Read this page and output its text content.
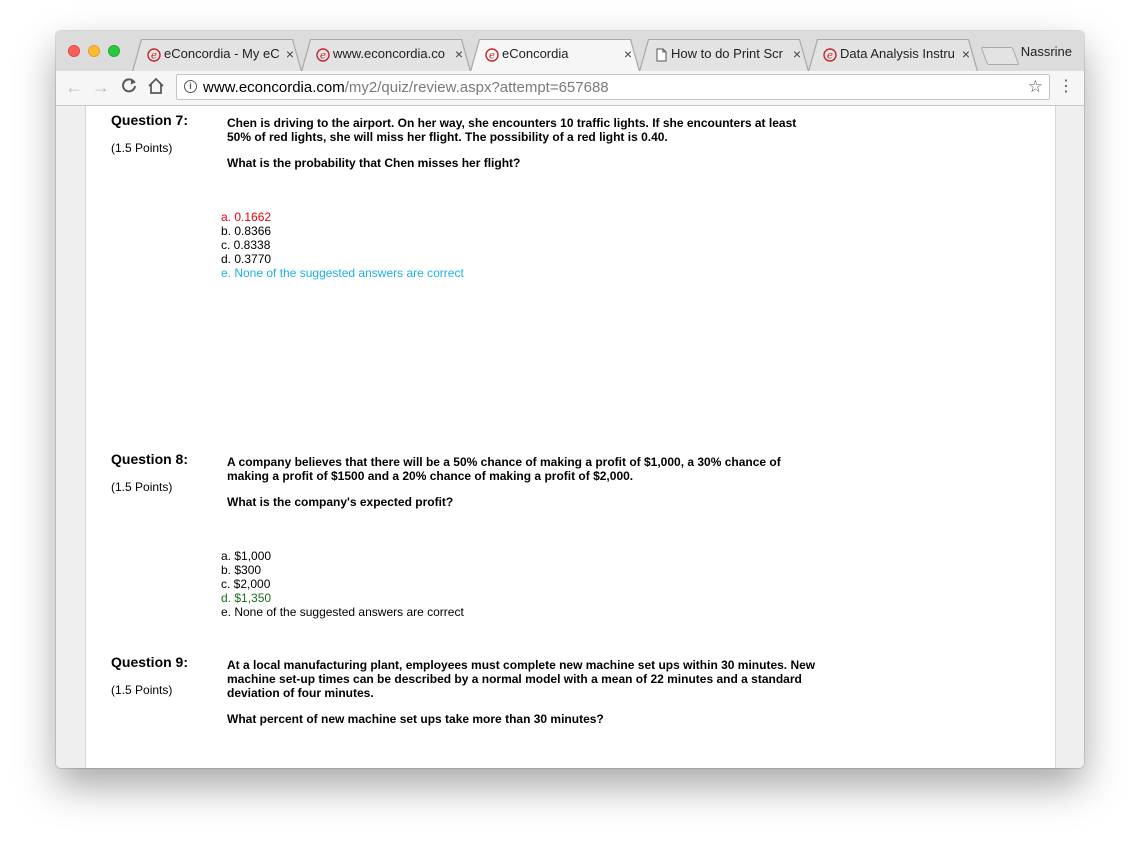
e eConcordia - My eC ×	e www.econcordia.co ×	e eConcordia	×	How to do Print Scr ×	e Data Analysis Instru ×	Nassrine
← →	i www.econcordia.com/my2/quiz/review.aspx?attempt=657688	☆ ⋮
Question 7:
(1.5 Points)
Chen is driving to the airport. On her way, she encounters 10 traffic lights. If she encounters at least 50% of red lights, she will miss her flight. The possibility of a red light is 0.40.
What is the probability that Chen misses her flight?
a. 0.1662
b. 0.8366
c. 0.8338
d. 0.3770
e. None of the suggested answers are correct
Question 8:
(1.5 Points)
A company believes that there will be a 50% chance of making a profit of $1,000, a 30% chance of making a profit of $1500 and a 20% chance of making a profit of $2,000.
What is the company's expected profit?
a. $1,000
b. $300
c. $2,000
d. $1,350
e. None of the suggested answers are correct
Question 9:
(1.5 Points)
At a local manufacturing plant, employees must complete new machine set ups within 30 minutes. New machine set-up times can be described by a normal model with a mean of 22 minutes and a standard deviation of four minutes.
What percent of new machine set ups take more than 30 minutes?
